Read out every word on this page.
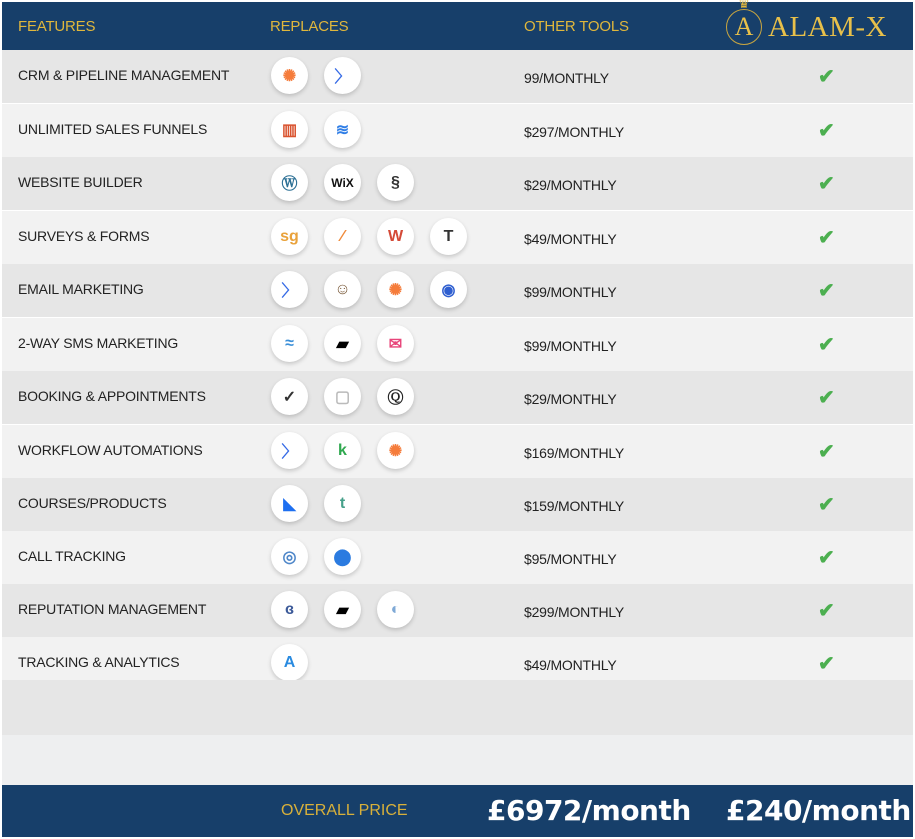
FEATURES	REPLACES	OTHER TOOLS	♛ A ALAM-X
CRM & PIPELINE MANAGEMENT	✺	〉	99/MONTHLY	✔
UNLIMITED SALES FUNNELS	▥	≋	$297/MONTHLY	✔
WEBSITE BUILDER	Ⓦ	WiX	§	$29/MONTHLY	✔
SURVEYS & FORMS	sg	∕	W	T	$49/MONTHLY	✔
EMAIL MARKETING	〉	☺	✺	◉	$99/MONTHLY	✔
2-WAY SMS MARKETING	≈	▰	✉	$99/MONTHLY	✔
BOOKING & APPOINTMENTS	✓	▢	Ⓠ	$29/MONTHLY	✔
WORKFLOW AUTOMATIONS	〉	k	✺	$169/MONTHLY	✔
COURSES/PRODUCTS	◣	t	$159/MONTHLY	✔
CALL TRACKING	◎	⬤	$95/MONTHLY	✔
REPUTATION MANAGEMENT	ɞ	▰	◐	$299/MONTHLY	✔
TRACKING & ANALYTICS	A	$49/MONTHLY	✔
OVERALL PRICE	£6972/month £240/month
